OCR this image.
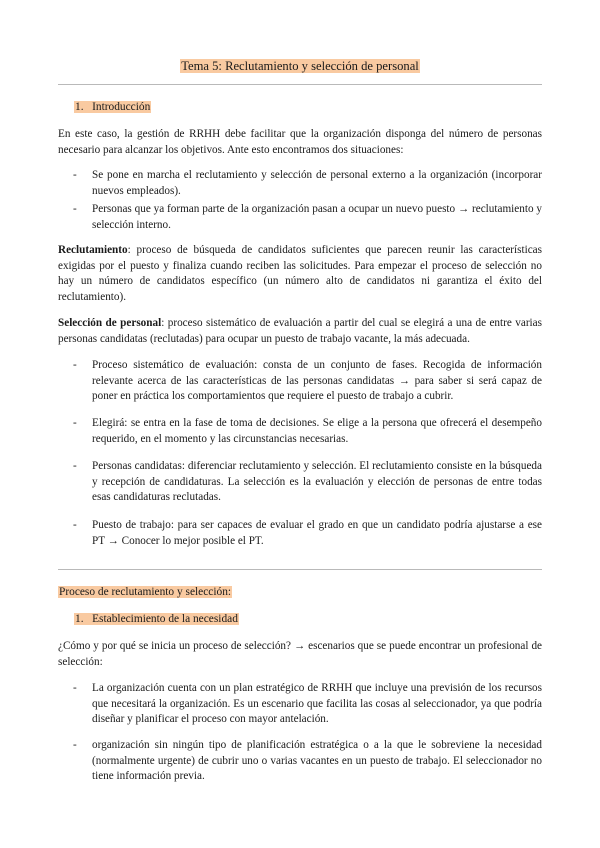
Tema 5: Reclutamiento y selección de personal
1. Introducción
En este caso, la gestión de RRHH debe facilitar que la organización disponga del número de personas necesario para alcanzar los objetivos. Ante esto encontramos dos situaciones:
- Se pone en marcha el reclutamiento y selección de personal externo a la organización (incorporar nuevos empleados).
- Personas que ya forman parte de la organización pasan a ocupar un nuevo puesto → reclutamiento y selección interno.
Reclutamiento: proceso de búsqueda de candidatos suficientes que parecen reunir las características exigidas por el puesto y finaliza cuando reciben las solicitudes. Para empezar el proceso de selección no hay un número de candidatos específico (un número alto de candidatos ni garantiza el éxito del reclutamiento).
Selección de personal: proceso sistemático de evaluación a partir del cual se elegirá a una de entre varias personas candidatas (reclutadas) para ocupar un puesto de trabajo vacante, la más adecuada.
- Proceso sistemático de evaluación: consta de un conjunto de fases. Recogida de información relevante acerca de las características de las personas candidatas → para saber si será capaz de poner en práctica los comportamientos que requiere el puesto de trabajo a cubrir.
- Elegirá: se entra en la fase de toma de decisiones. Se elige a la persona que ofrecerá el desempeño requerido, en el momento y las circunstancias necesarias.
- Personas candidatas: diferenciar reclutamiento y selección. El reclutamiento consiste en la búsqueda y recepción de candidaturas. La selección es la evaluación y elección de personas de entre todas esas candidaturas reclutadas.
- Puesto de trabajo: para ser capaces de evaluar el grado en que un candidato podría ajustarse a ese PT → Conocer lo mejor posible el PT.
Proceso de reclutamiento y selección:
1. Establecimiento de la necesidad
¿Cómo y por qué se inicia un proceso de selección? → escenarios que se puede encontrar un profesional de selección:
- La organización cuenta con un plan estratégico de RRHH que incluye una previsión de los recursos que necesitará la organización. Es un escenario que facilita las cosas al seleccionador, ya que podría diseñar y planificar el proceso con mayor antelación.
- organización sin ningún tipo de planificación estratégica o a la que le sobreviene la necesidad (normalmente urgente) de cubrir uno o varias vacantes en un puesto de trabajo. El seleccionador no tiene información previa.
